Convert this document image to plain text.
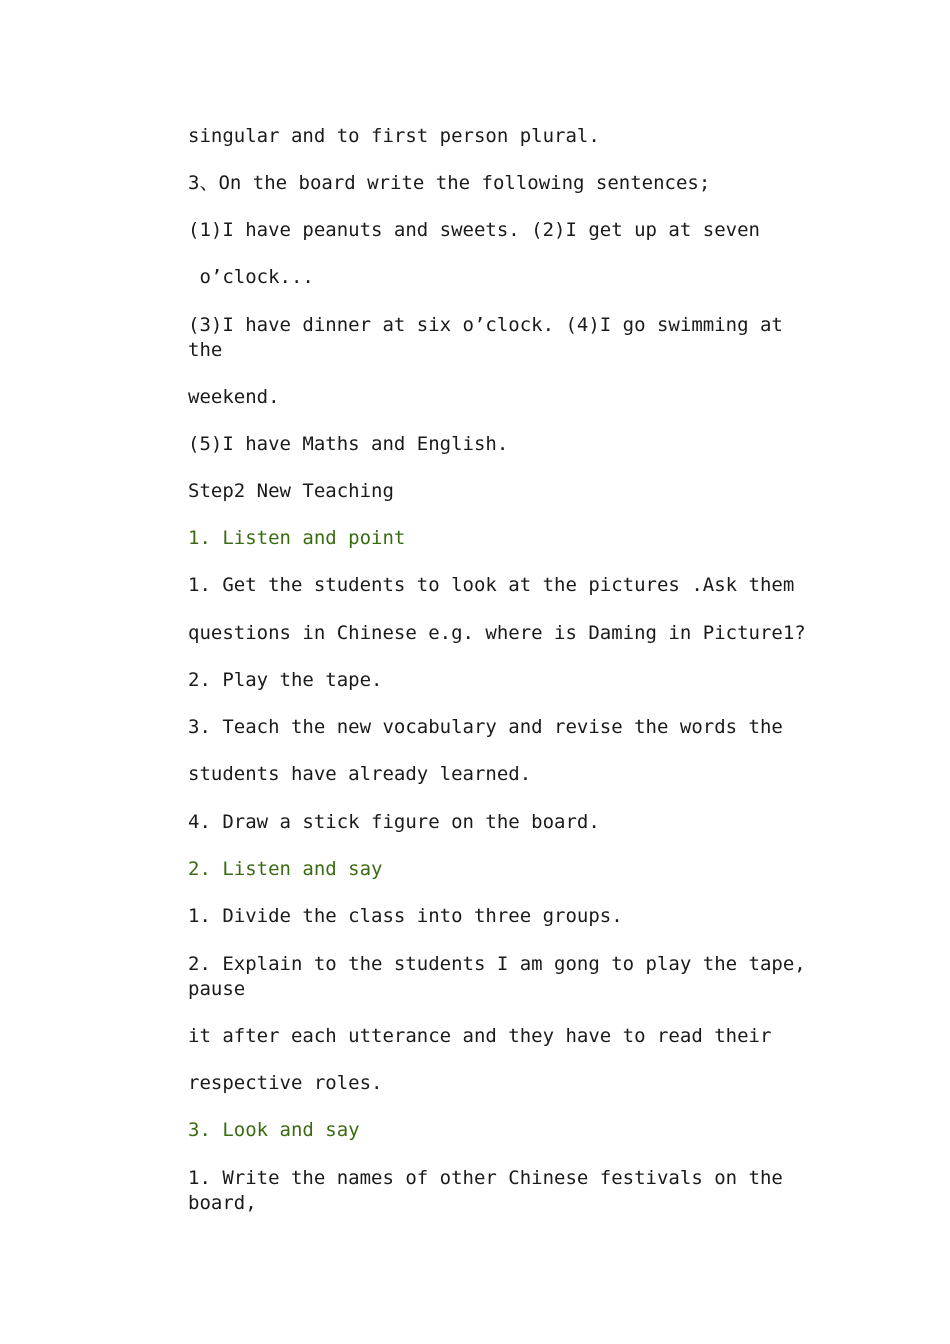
singular and to first person plural.
3、On the board write the following sentences;
(1)I have peanuts and sweets. (2)I get up at seven
o’clock...
(3)I have dinner at six o’clock. (4)I go swimming at
the
weekend.
(5)I have Maths and English.
Step2 New Teaching
1. Listen and point
1. Get the students to look at the pictures .Ask them
questions in Chinese e.g. where is Daming in Picture1?
2. Play the tape.
3. Teach the new vocabulary and revise the words the
students have already learned.
4. Draw a stick figure on the board.
2. Listen and say
1. Divide the class into three groups.
2. Explain to the students I am gong to play the tape,
pause
it after each utterance and they have to read their
respective roles.
3. Look and say
1. Write the names of other Chinese festivals on the
board,
